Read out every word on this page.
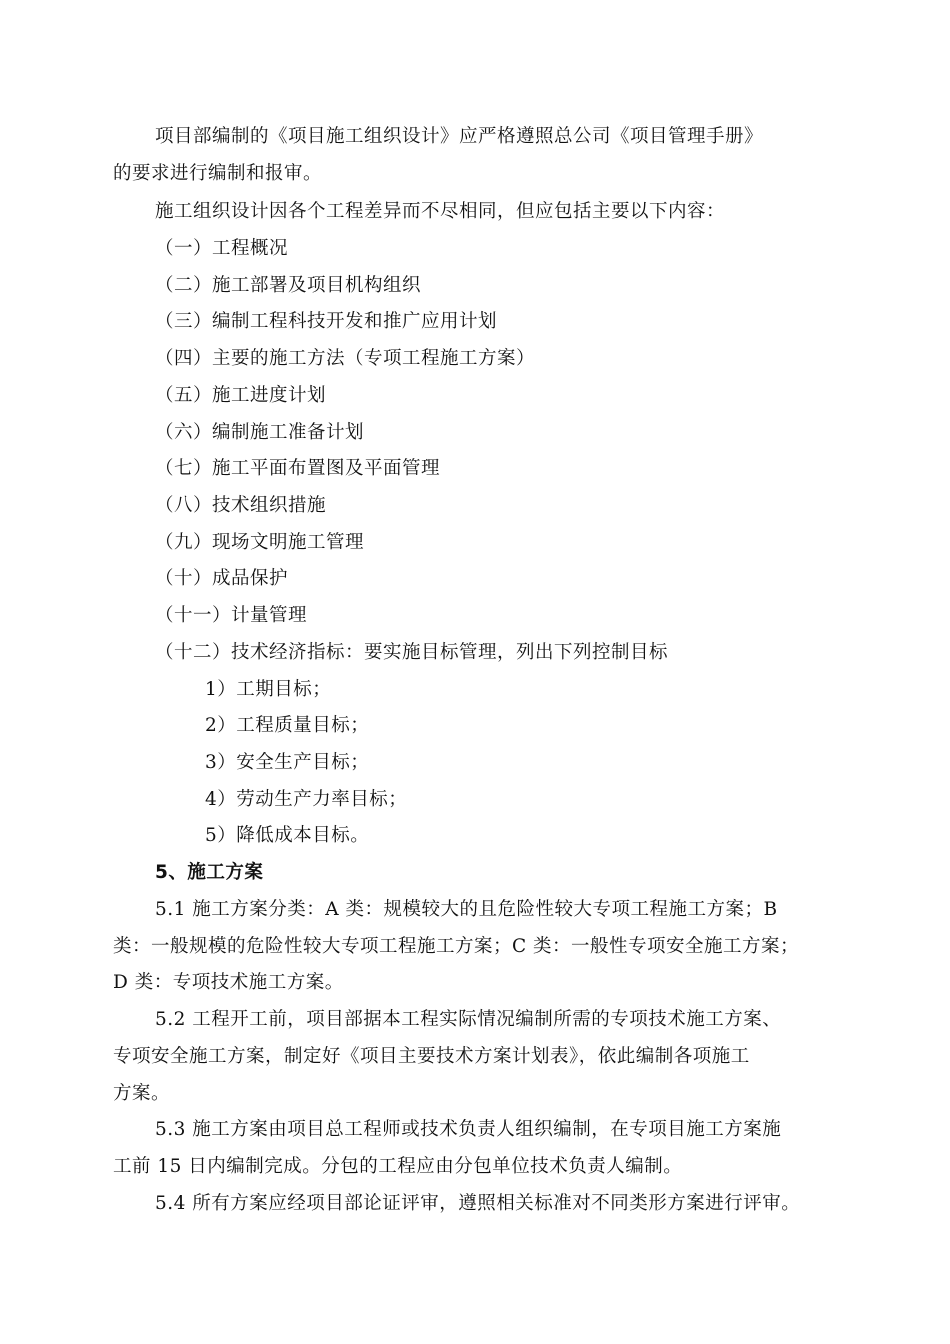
项目部编制的《项目施工组织设计》应严格遵照总公司《项目管理手册》
的要求进行编制和报审。
施工组织设计因各个工程差异而不尽相同，但应包括主要以下内容：
（一）工程概况
（二）施工部署及项目机构组织
（三）编制工程科技开发和推广应用计划
（四）主要的施工方法（专项工程施工方案）
（五）施工进度计划
（六）编制施工准备计划
（七）施工平面布置图及平面管理
（八）技术组织措施
（九）现场文明施工管理
（十）成品保护
（十一）计量管理
（十二）技术经济指标：要实施目标管理，列出下列控制目标
1）工期目标；
2）工程质量目标；
3）安全生产目标；
4）劳动生产力率目标；
5）降低成本目标。
5、施工方案
5.1 施工方案分类：A 类：规模较大的且危险性较大专项工程施工方案；B
类：一般规模的危险性较大专项工程施工方案；C 类：一般性专项安全施工方案；
D 类：专项技术施工方案。
5.2 工程开工前，项目部据本工程实际情况编制所需的专项技术施工方案、
专项安全施工方案，制定好《项目主要技术方案计划表》，依此编制各项施工
方案。
5.3 施工方案由项目总工程师或技术负责人组织编制，在专项目施工方案施
工前 15 日内编制完成。分包的工程应由分包单位技术负责人编制。
5.4 所有方案应经项目部论证评审，遵照相关标准对不同类形方案进行评审。
